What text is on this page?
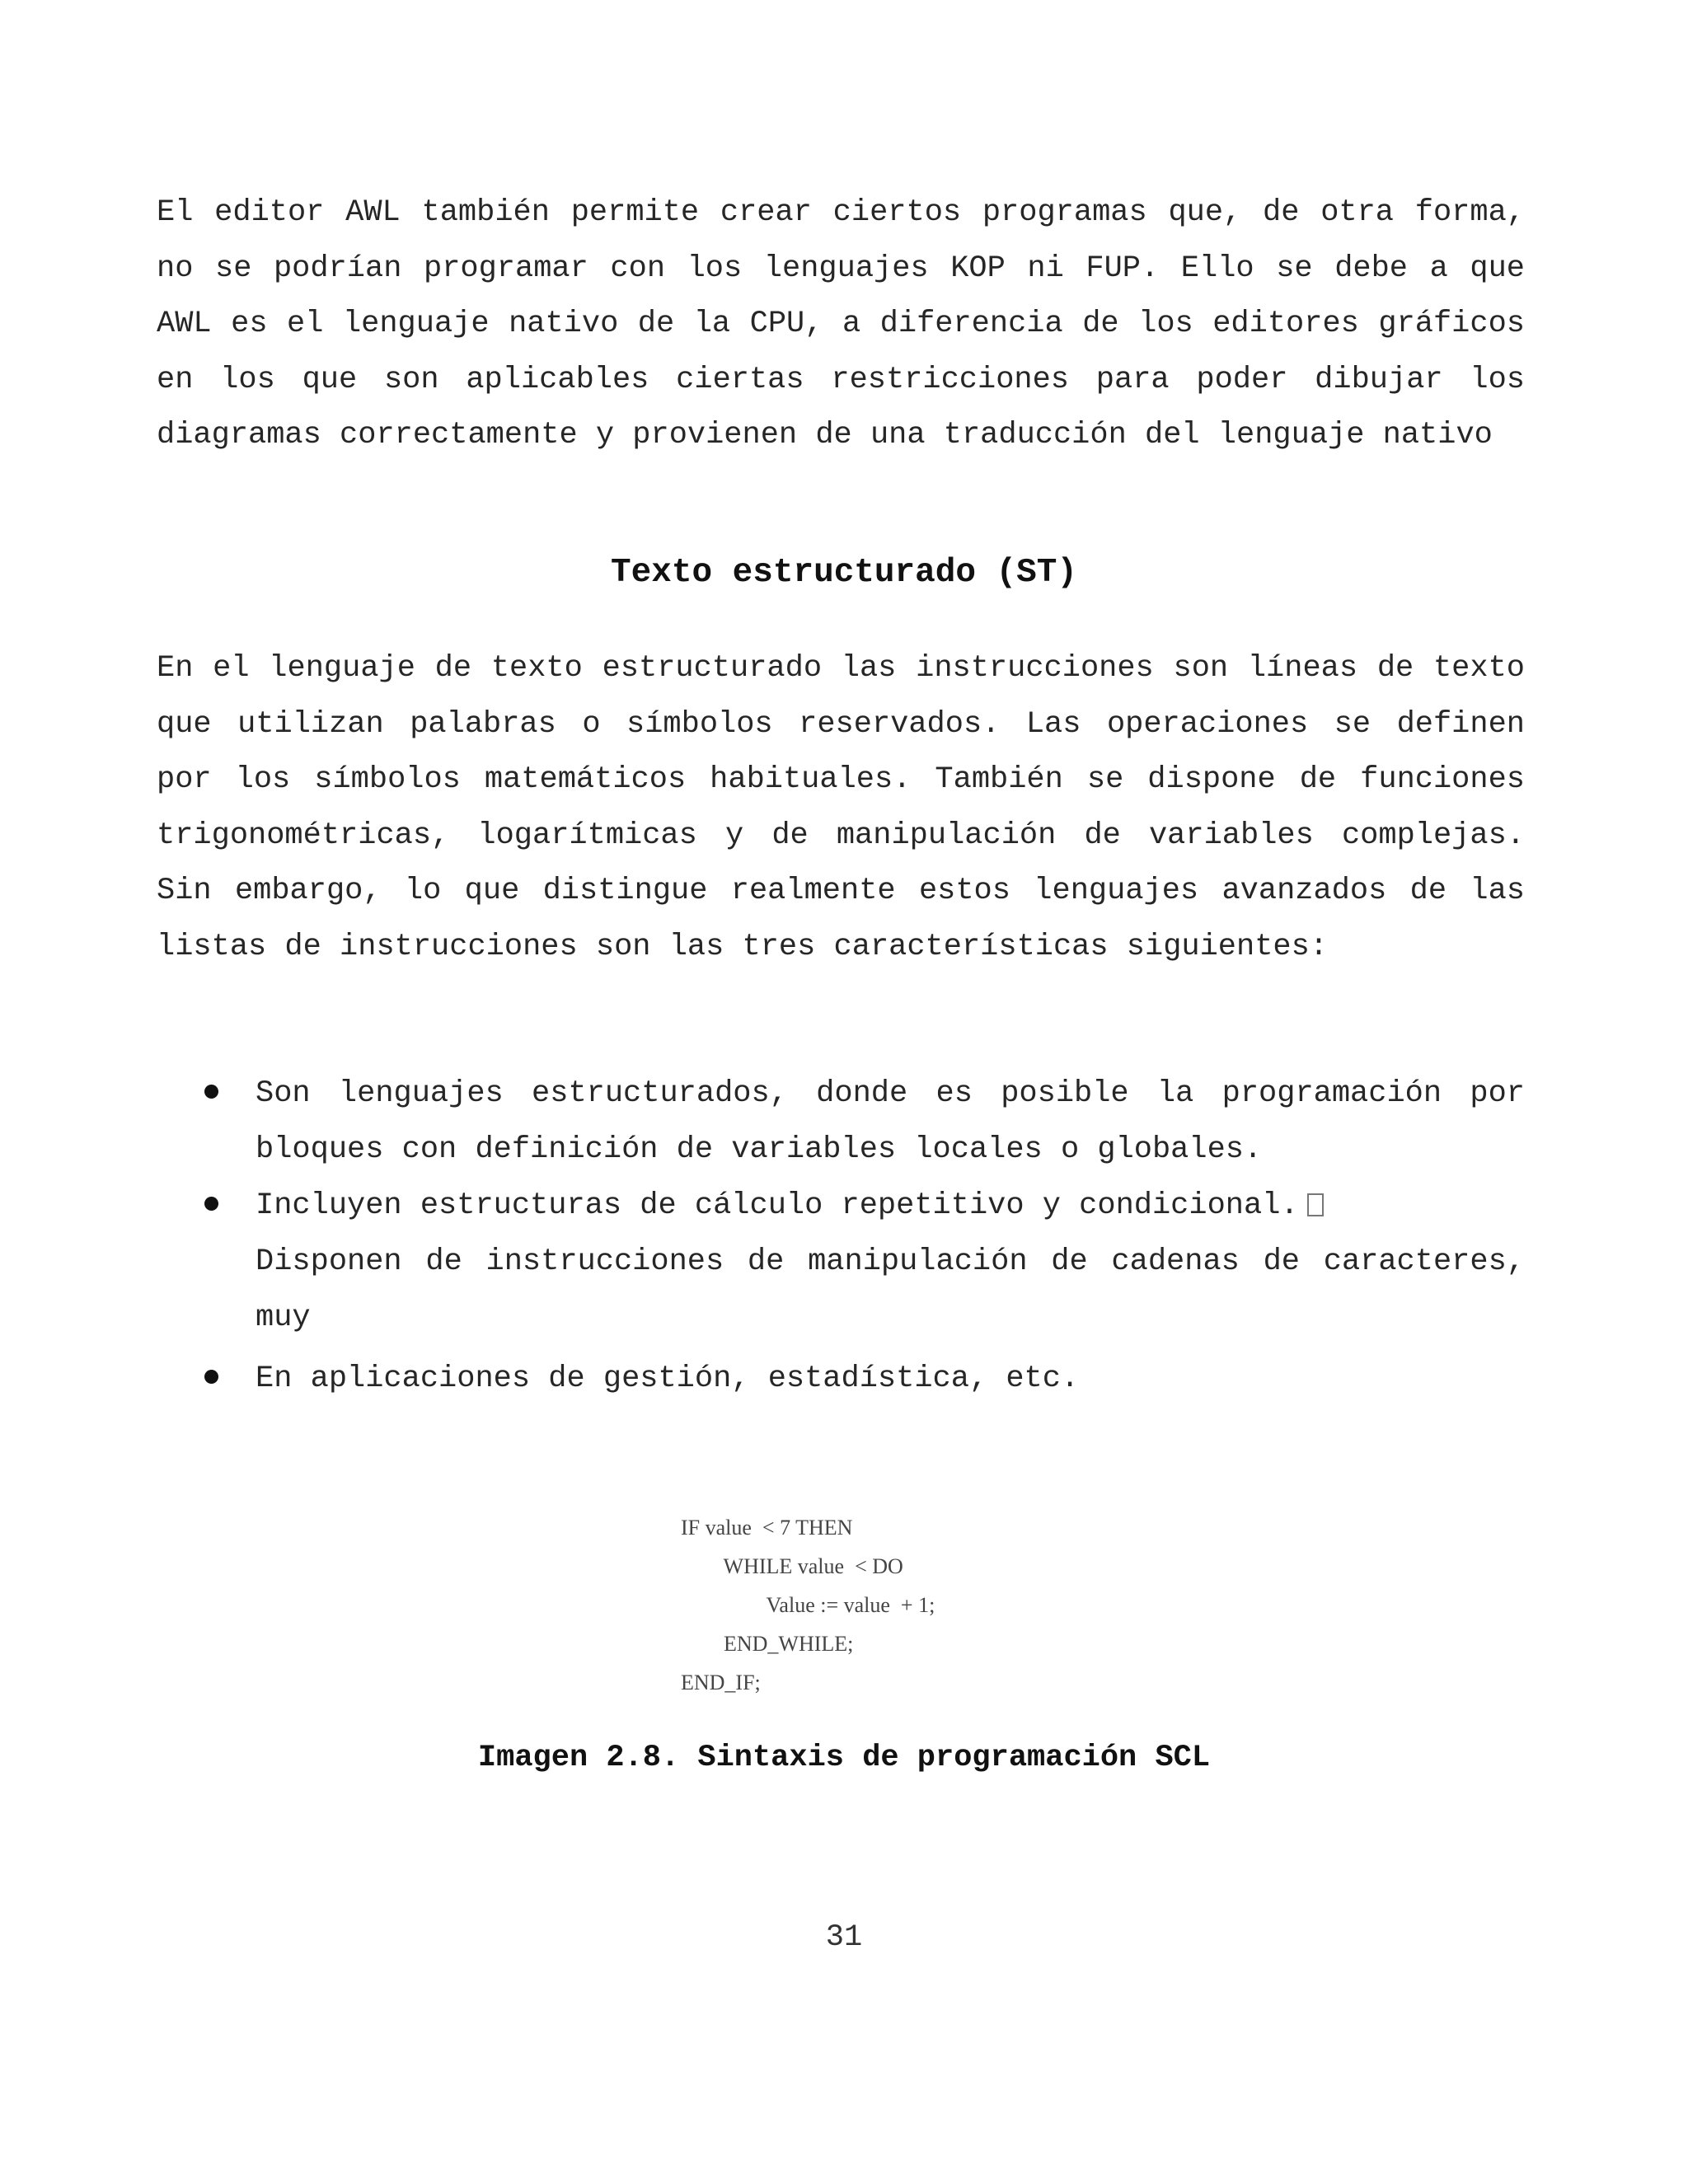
El editor AWL también permite crear ciertos programas que, de otra forma, no se podrían programar con los lenguajes KOP ni FUP. Ello se debe a que AWL es el lenguaje nativo de la CPU, a diferencia de los editores gráficos en los que son aplicables ciertas restricciones para poder dibujar los diagramas correctamente y provienen de una traducción del lenguaje nativo

Texto estructurado (ST)

En el lenguaje de texto estructurado las instrucciones son líneas de texto que utilizan palabras o símbolos reservados. Las operaciones se definen por los símbolos matemáticos habituales. También se dispone de funciones trigonométricas, logarítmicas y de manipulación de variables complejas. Sin embargo, lo que distingue realmente estos lenguajes avanzados de las listas de instrucciones son las tres características siguientes:

Son lenguajes estructurados, donde es posible la programación por bloques con definición de variables locales o globales.
Incluyen estructuras de cálculo repetitivo y condicional.
Disponen de instrucciones de manipulación de cadenas de caracteres, muy
En aplicaciones de gestión, estadística, etc.

IF value  < 7 THEN

WHILE value  < DO

Value := value  + 1;

END_WHILE;

END_IF;

Imagen 2.8. Sintaxis de programación SCL

31
